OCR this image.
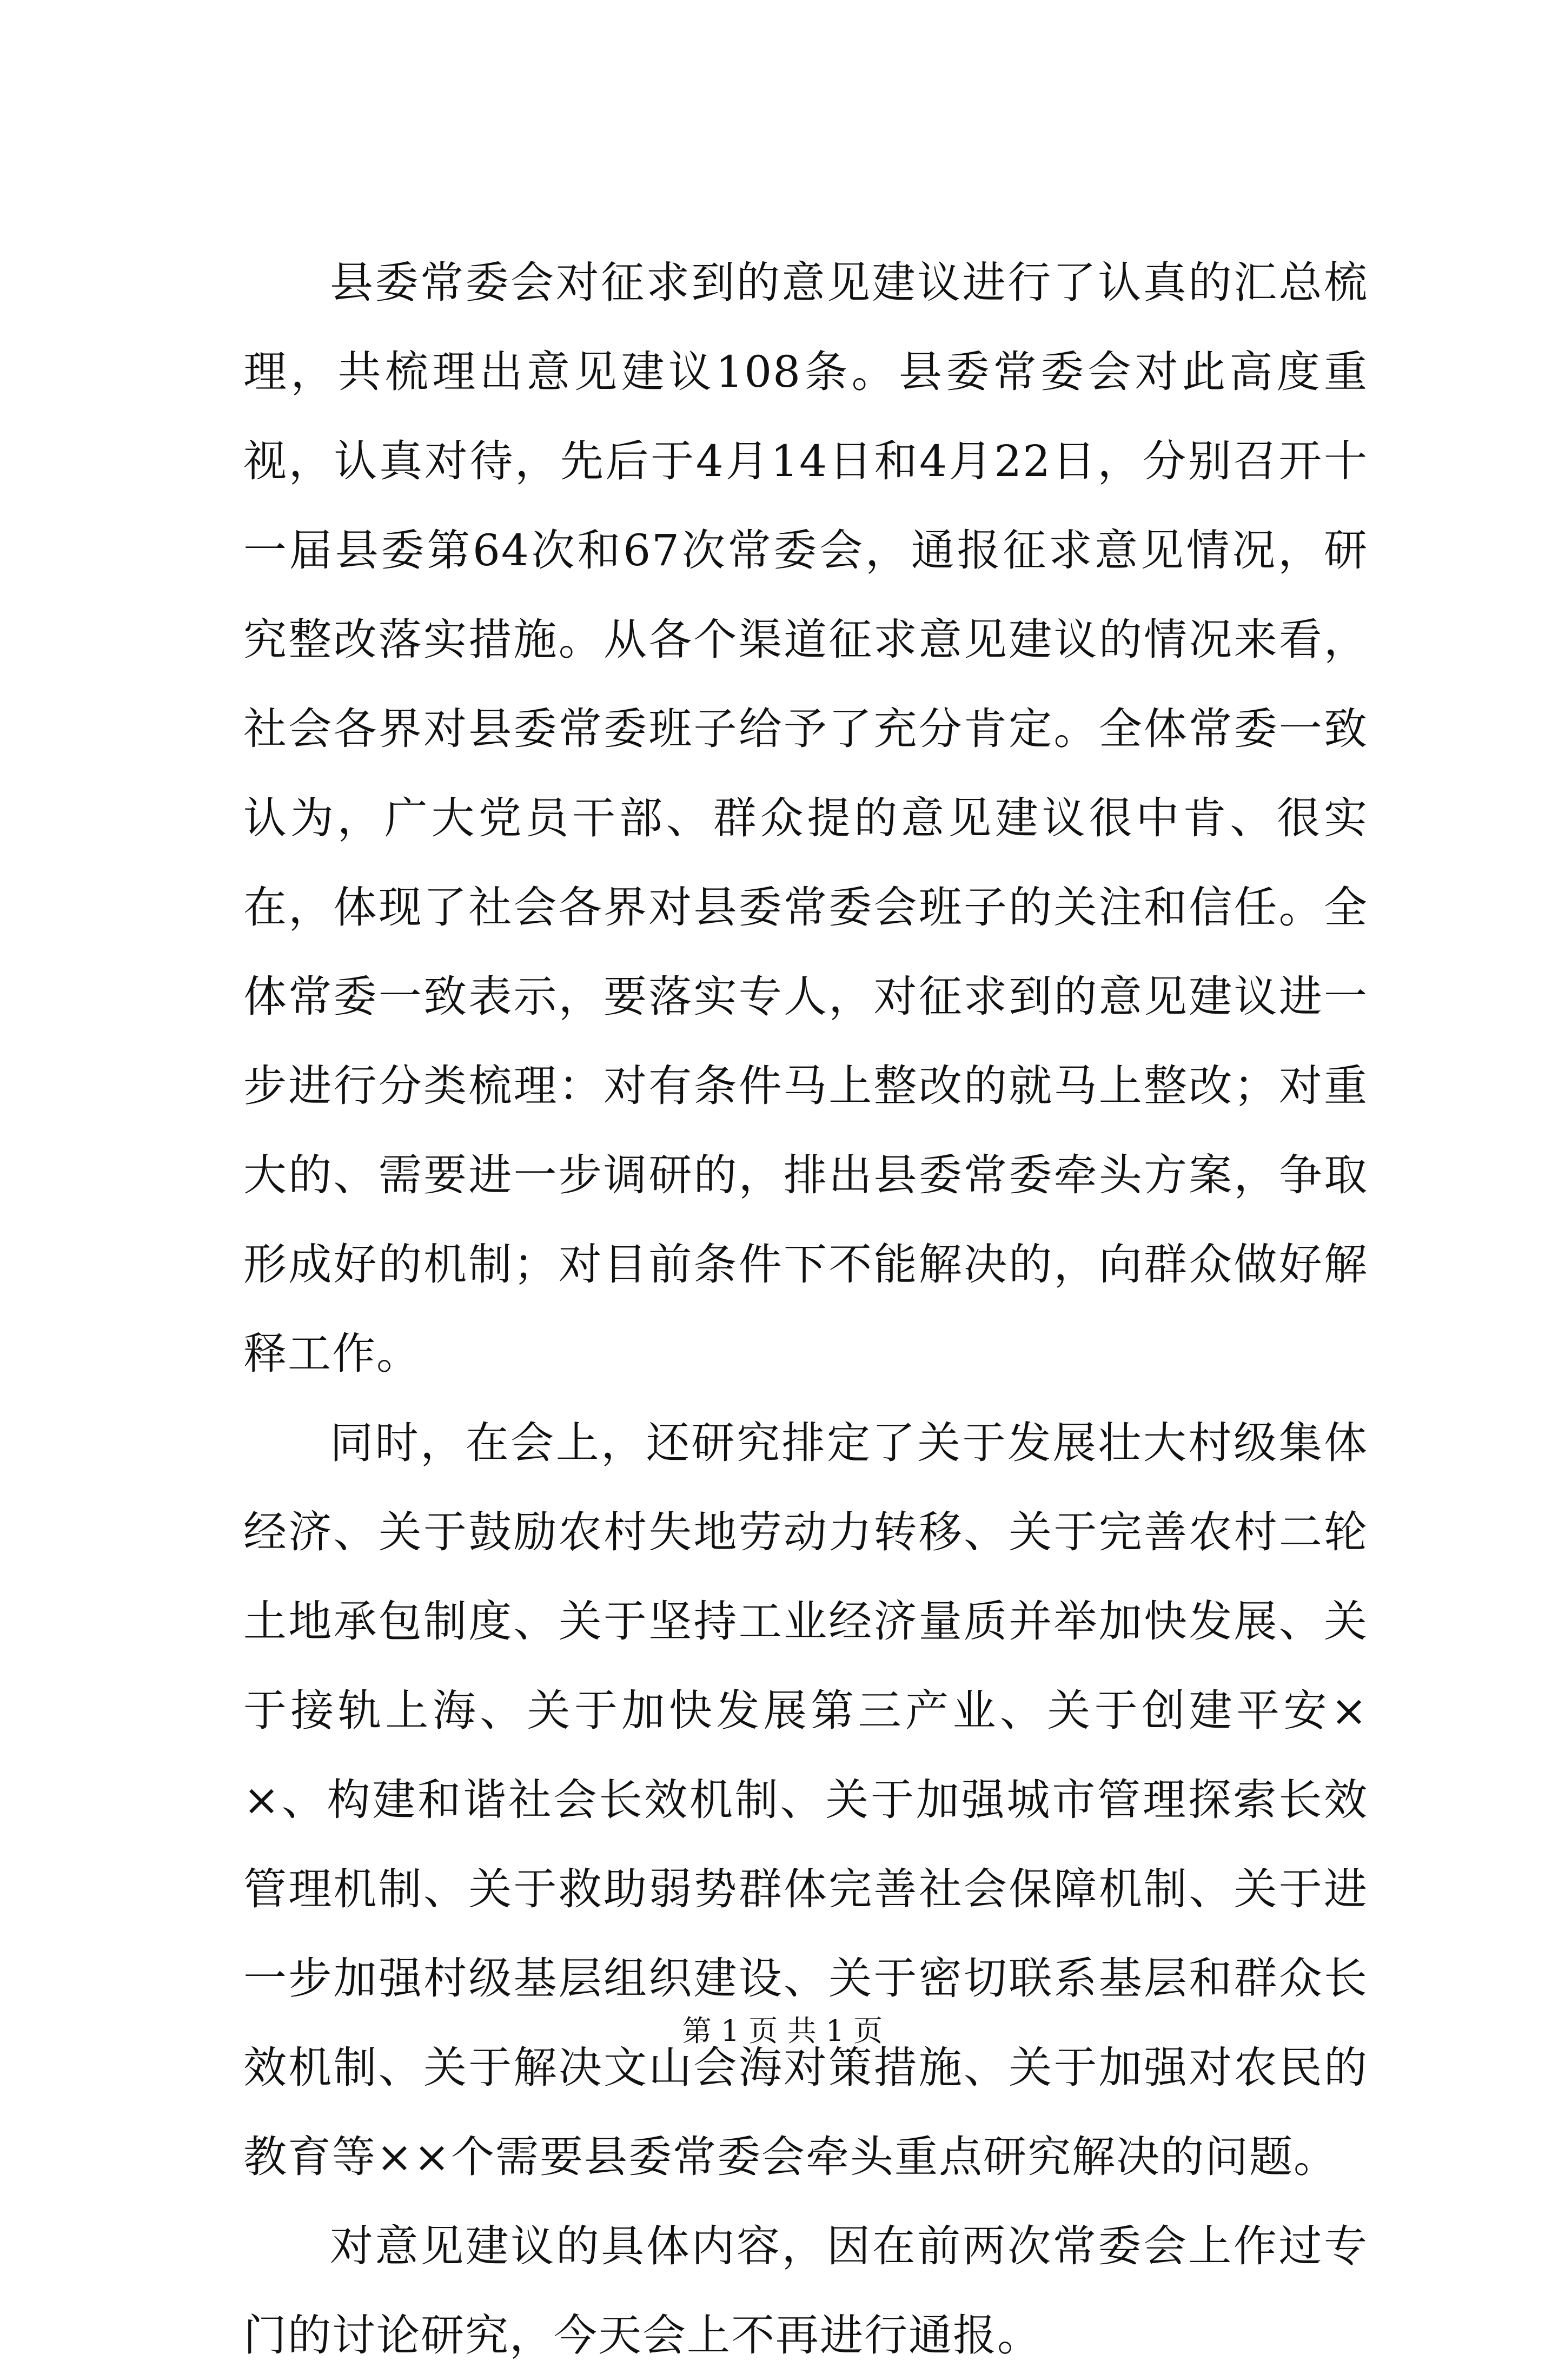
县委常委会对征求到的意见建议进行了认真的汇总梳理，共梳理出意见建议108条。县委常委会对此高度重视，认真对待，先后于4月14日和4月22日，分别召开十一届县委第64次和67次常委会，通报征求意见情况，研究整改落实措施。从各个渠道征求意见建议的情况来看，社会各界对县委常委班子给予了充分肯定。全体常委一致认为，广大党员干部、群众提的意见建议很中肯、很实在，体现了社会各界对县委常委会班子的关注和信任。全体常委一致表示，要落实专人，对征求到的意见建议进一步进行分类梳理：对有条件马上整改的就马上整改；对重大的、需要进一步调研的，排出县委常委牵头方案，争取形成好的机制；对目前条件下不能解决的，向群众做好解释工作。

同时，在会上，还研究排定了关于发展壮大村级集体经济、关于鼓励农村失地劳动力转移、关于完善农村二轮土地承包制度、关于坚持工业经济量质并举加快发展、关于接轨上海、关于加快发展第三产业、关于创建平安××、构建和谐社会长效机制、关于加强城市管理探索长效管理机制、关于救助弱势群体完善社会保障机制、关于进一步加强村级基层组织建设、关于密切联系基层和群众长效机制、关于解决文山会海对策措施、关于加强对农民的教育等××个需要县委常委会牵头重点研究解决的问题。

对意见建议的具体内容，因在前两次常委会上作过专门的讨论研究，今天会上不再进行通报。

第 1 页 共 1 页
